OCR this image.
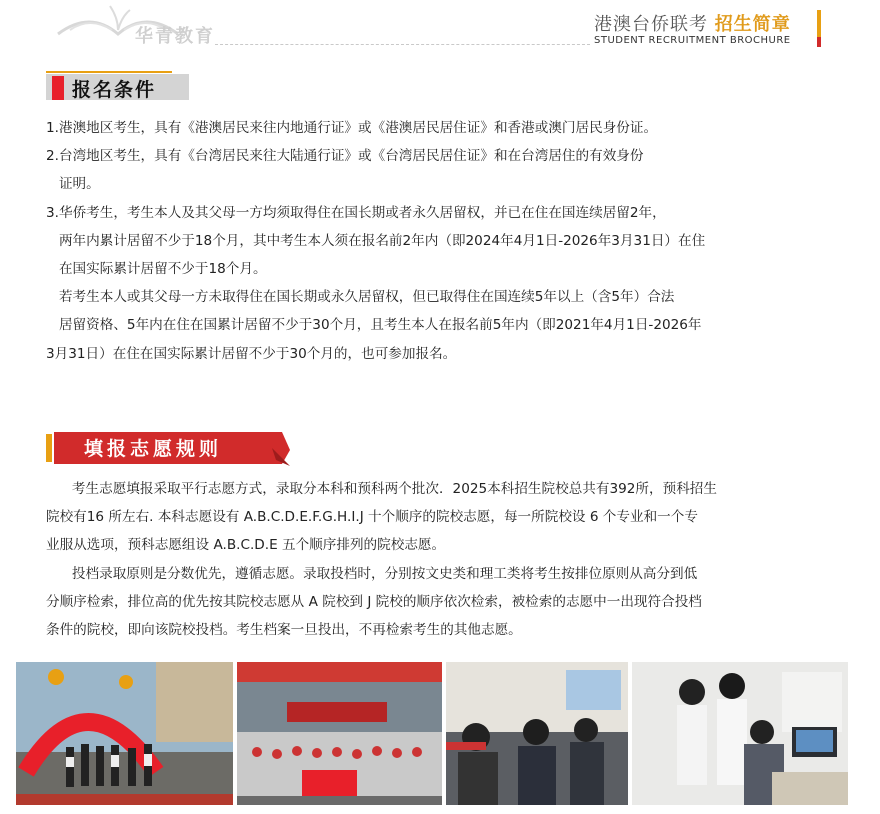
华青教育
港澳台侨联考 招生简章
STUDENT RECRUITMENT BROCHURE
报名条件
1.港澳地区考生，具有《港澳居民来往内地通行证》或《港澳居民居住证》和香港或澳门居民身份证。
2.台湾地区考生，具有《台湾居民来往大陆通行证》或《台湾居民居住证》和在台湾居住的有效身份
证明。
3.华侨考生，考生本人及其父母一方均须取得住在国长期或者永久居留权，并已在住在国连续居留2年，
两年内累计居留不少于18个月，其中考生本人须在报名前2年内（即2024年4月1日-2026年3月31日）在住
在国实际累计居留不少于18个月。
若考生本人或其父母一方未取得住在国长期或永久居留权，但已取得住在国连续5年以上（含5年）合法
居留资格、5年内在住在国累计居留不少于30个月，且考生本人在报名前5年内（即2021年4月1日-2026年
3月31日）在住在国实际累计居留不少于30个月的，也可参加报名。
填报志愿规则
考生志愿填报采取平行志愿方式，录取分本科和预科两个批次．2025本科招生院校总共有392所，预科招生
院校有16 所左右. 本科志愿设有 A.B.C.D.E.F.G.H.I.J 十个顺序的院校志愿，每一所院校设 6 个专业和一个专
业服从选项，预科志愿组设 A.B.C.D.E 五个顺序排列的院校志愿。
投档录取原则是分数优先，遵循志愿。录取投档时，分别按文史类和理工类将考生按排位原则从高分到低
分顺序检索，排位高的优先按其院校志愿从 A 院校到 J 院校的顺序依次检索，被检索的志愿中一出现符合投档
条件的院校，即向该院校投档。考生档案一旦投出，不再检索考生的其他志愿。
